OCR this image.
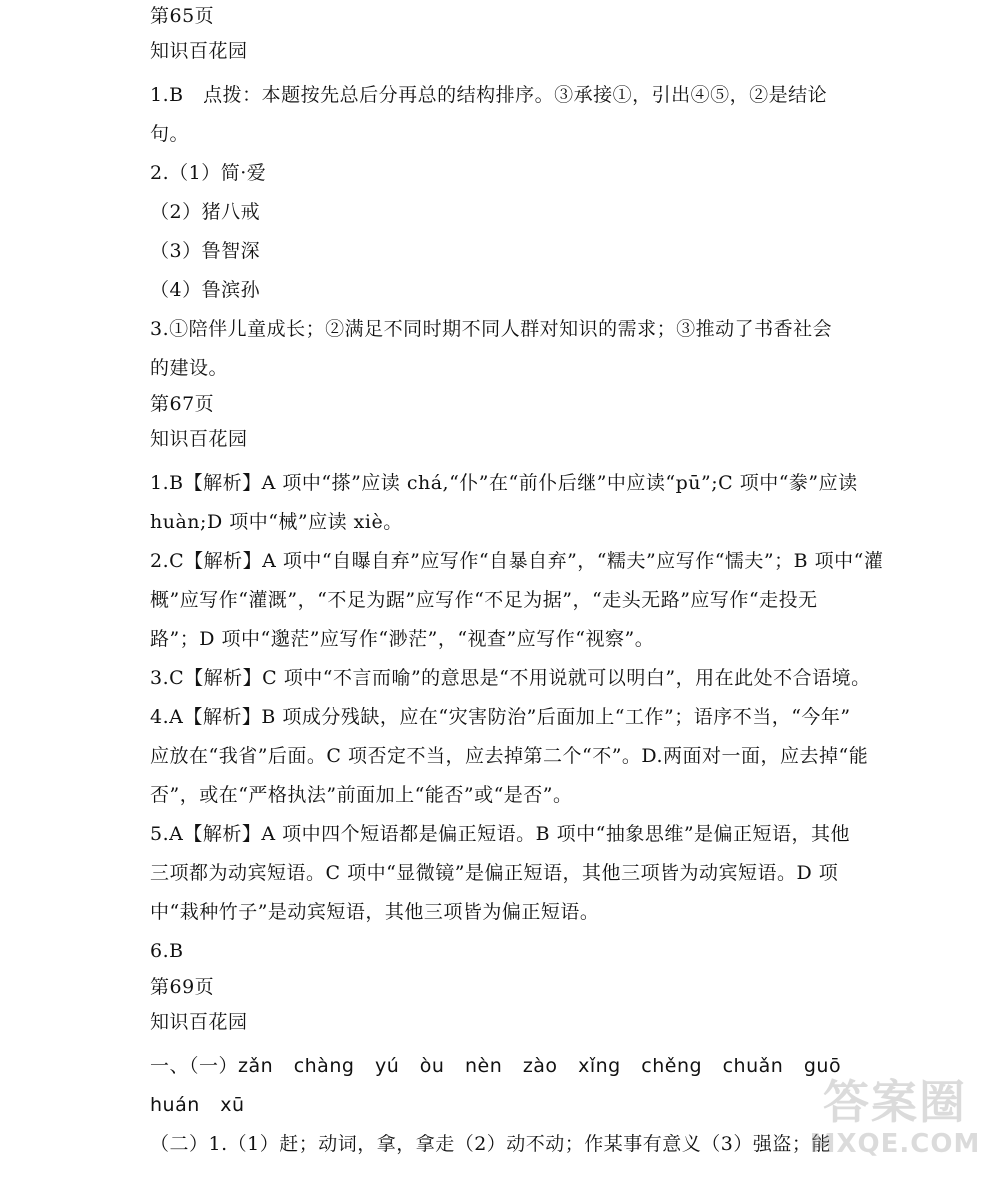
第65页
知识百花园
1.B　点拨：本题按先总后分再总的结构排序。③承接①，引出④⑤，②是结论
句。
2.（1）简·爱
（2）猪八戒
（3）鲁智深
（4）鲁滨孙
3.①陪伴儿童成长；②满足不同时期不同人群对知识的需求；③推动了书香社会
的建设。
第67页
知识百花园
1.B【解析】A 项中“搽”应读 chá,“仆”在“前仆后继”中应读“pū”;C 项中“豢”应读
huàn;D 项中“械”应读 xiè。
2.C【解析】A 项中“自曝自弃”应写作“自暴自弃”，“糯夫”应写作“懦夫”；B 项中“灌
概”应写作“灌溉”，“不足为踞”应写作“不足为据”，“走头无路”应写作“走投无
路”；D 项中“邈茫”应写作“渺茫”，“视查”应写作“视察”。
3.C【解析】C 项中“不言而喻”的意思是“不用说就可以明白”，用在此处不合语境。
4.A【解析】B 项成分残缺，应在“灾害防治”后面加上“工作”；语序不当，“今年”
应放在“我省”后面。C 项否定不当，应去掉第二个“不”。D.两面对一面，应去掉“能
否”，或在“严格执法”前面加上“能否”或“是否”。
5.A【解析】A 项中四个短语都是偏正短语。B 项中“抽象思维”是偏正短语，其他
三项都为动宾短语。C 项中“显微镜”是偏正短语，其他三项皆为动宾短语。D 项
中“栽种竹子”是动宾短语，其他三项皆为偏正短语。
6.B
第69页
知识百花园
一、（一）zǎn chàng yú òu nèn zào xǐng chěng chuǎn guō
huán xū
（二）1.（1）赶；动词，拿，拿走（2）动不动；作某事有意义（3）强盗；能
答案圈
MXQE.COM
